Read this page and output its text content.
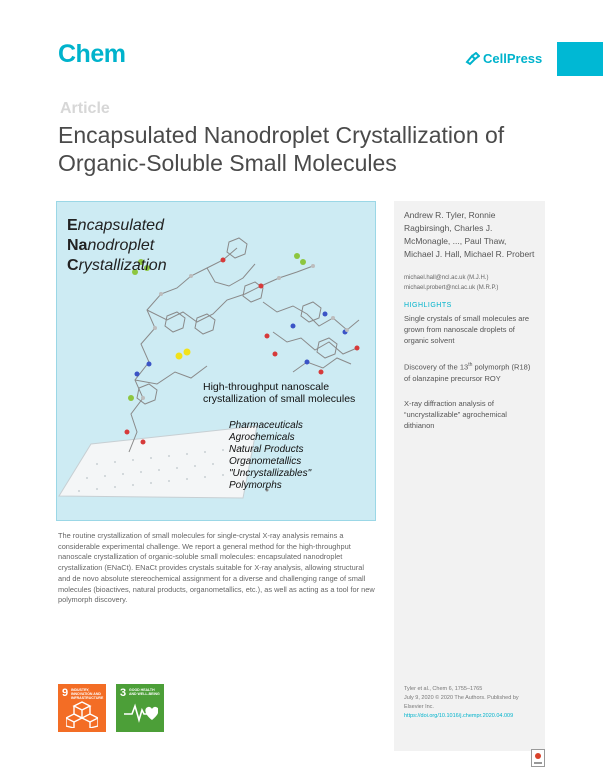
Chem	CellPress
Article
Encapsulated Nanodroplet Crystallization of Organic-Soluble Small Molecules
Encapsulated
Nanodroplet
Crystallization
High-throughput nanoscale crystallization of small molecules
Pharmaceuticals
Agrochemicals
Natural Products
Organometallics
"Uncrystallizables"
Polymorphs
Andrew R. Tyler, Ronnie Ragbirsingh, Charles J. McMonagle, ..., Paul Thaw, Michael J. Hall, Michael R. Probert
michael.hall@ncl.ac.uk (M.J.H.)
michael.probert@ncl.ac.uk (M.R.P.)
HIGHLIGHTS
Single crystals of small molecules are grown from nanoscale droplets of organic solvent
Discovery of the 13th polymorph (R18) of olanzapine precursor ROY
X-ray diffraction analysis of “uncrystallizable” agrochemical dithianon
Tyler et al., Chem 6, 1755–1765
July 9, 2020 © 2020 The Authors. Published by Elsevier Inc.
https://doi.org/10.1016/j.chempr.2020.04.009

The routine crystallization of small molecules for single-crystal X-ray analysis remains a considerable experimental challenge. We report a general method for the high-throughput nanoscale crystallization of organic-soluble small molecules: encapsulated nanodroplet crystallization (ENaCt). ENaCt provides crystals suitable for X-ray analysis, allowing structural and de novo absolute stereochemical assignment for a diverse and challenging range of small molecules (bioactives, natural products, organometallics, etc.), as well as acting as a tool for new polymorph discovery.

9 INDUSTRY, INNOVATION AND INFRASTRUCTURE 3 GOOD HEALTH AND WELL-BEING
